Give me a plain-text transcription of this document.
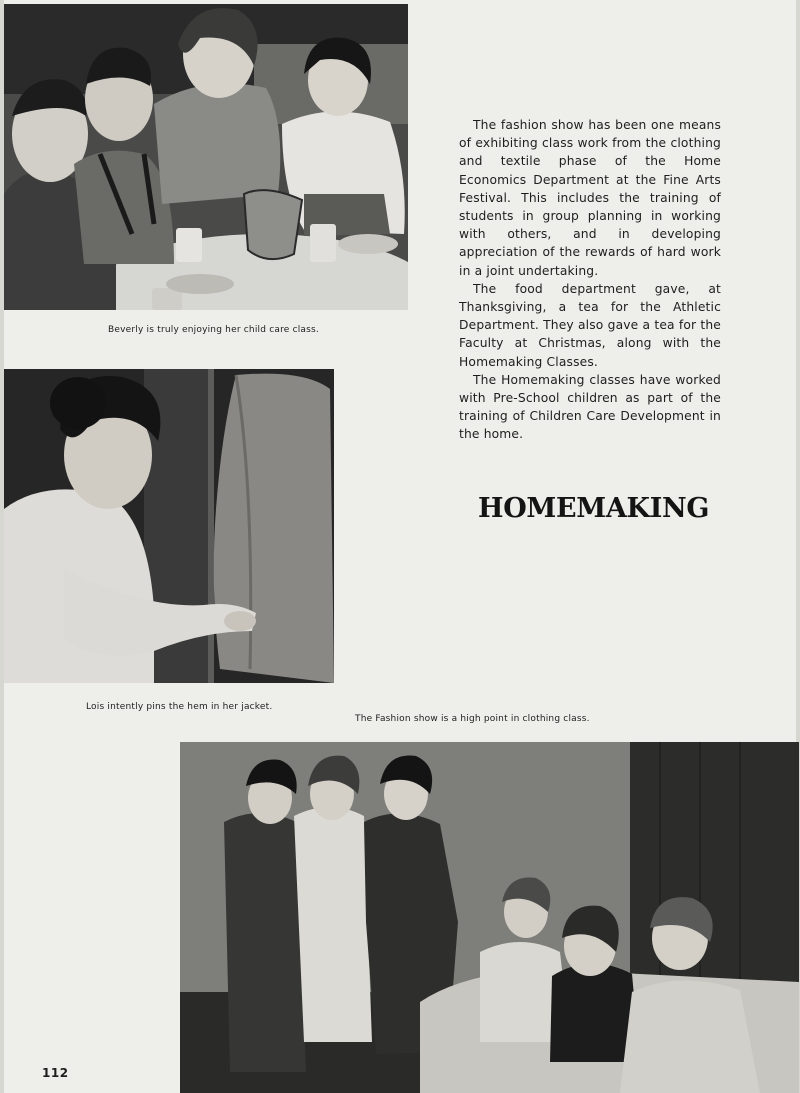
Beverly is truly enjoying her child care class.
Lois intently pins the hem in her jacket.

The fashion show has been one means of exhibiting class work from the clothing and textile phase of the Home Economics Department at the Fine Arts Festival. This includes the training of students in group planning in working with others, and in developing appreciation of the rewards of hard work in a joint undertaking.

The food department gave, at Thanksgiving, a tea for the Athletic Department. They also gave a tea for the Faculty at Christmas, along with the Homemaking Classes.

The Homemaking classes have worked with Pre-School children as part of the training of Children Care Development in the home.

HOMEMAKING
The Fashion show is a high point in clothing class.
112
